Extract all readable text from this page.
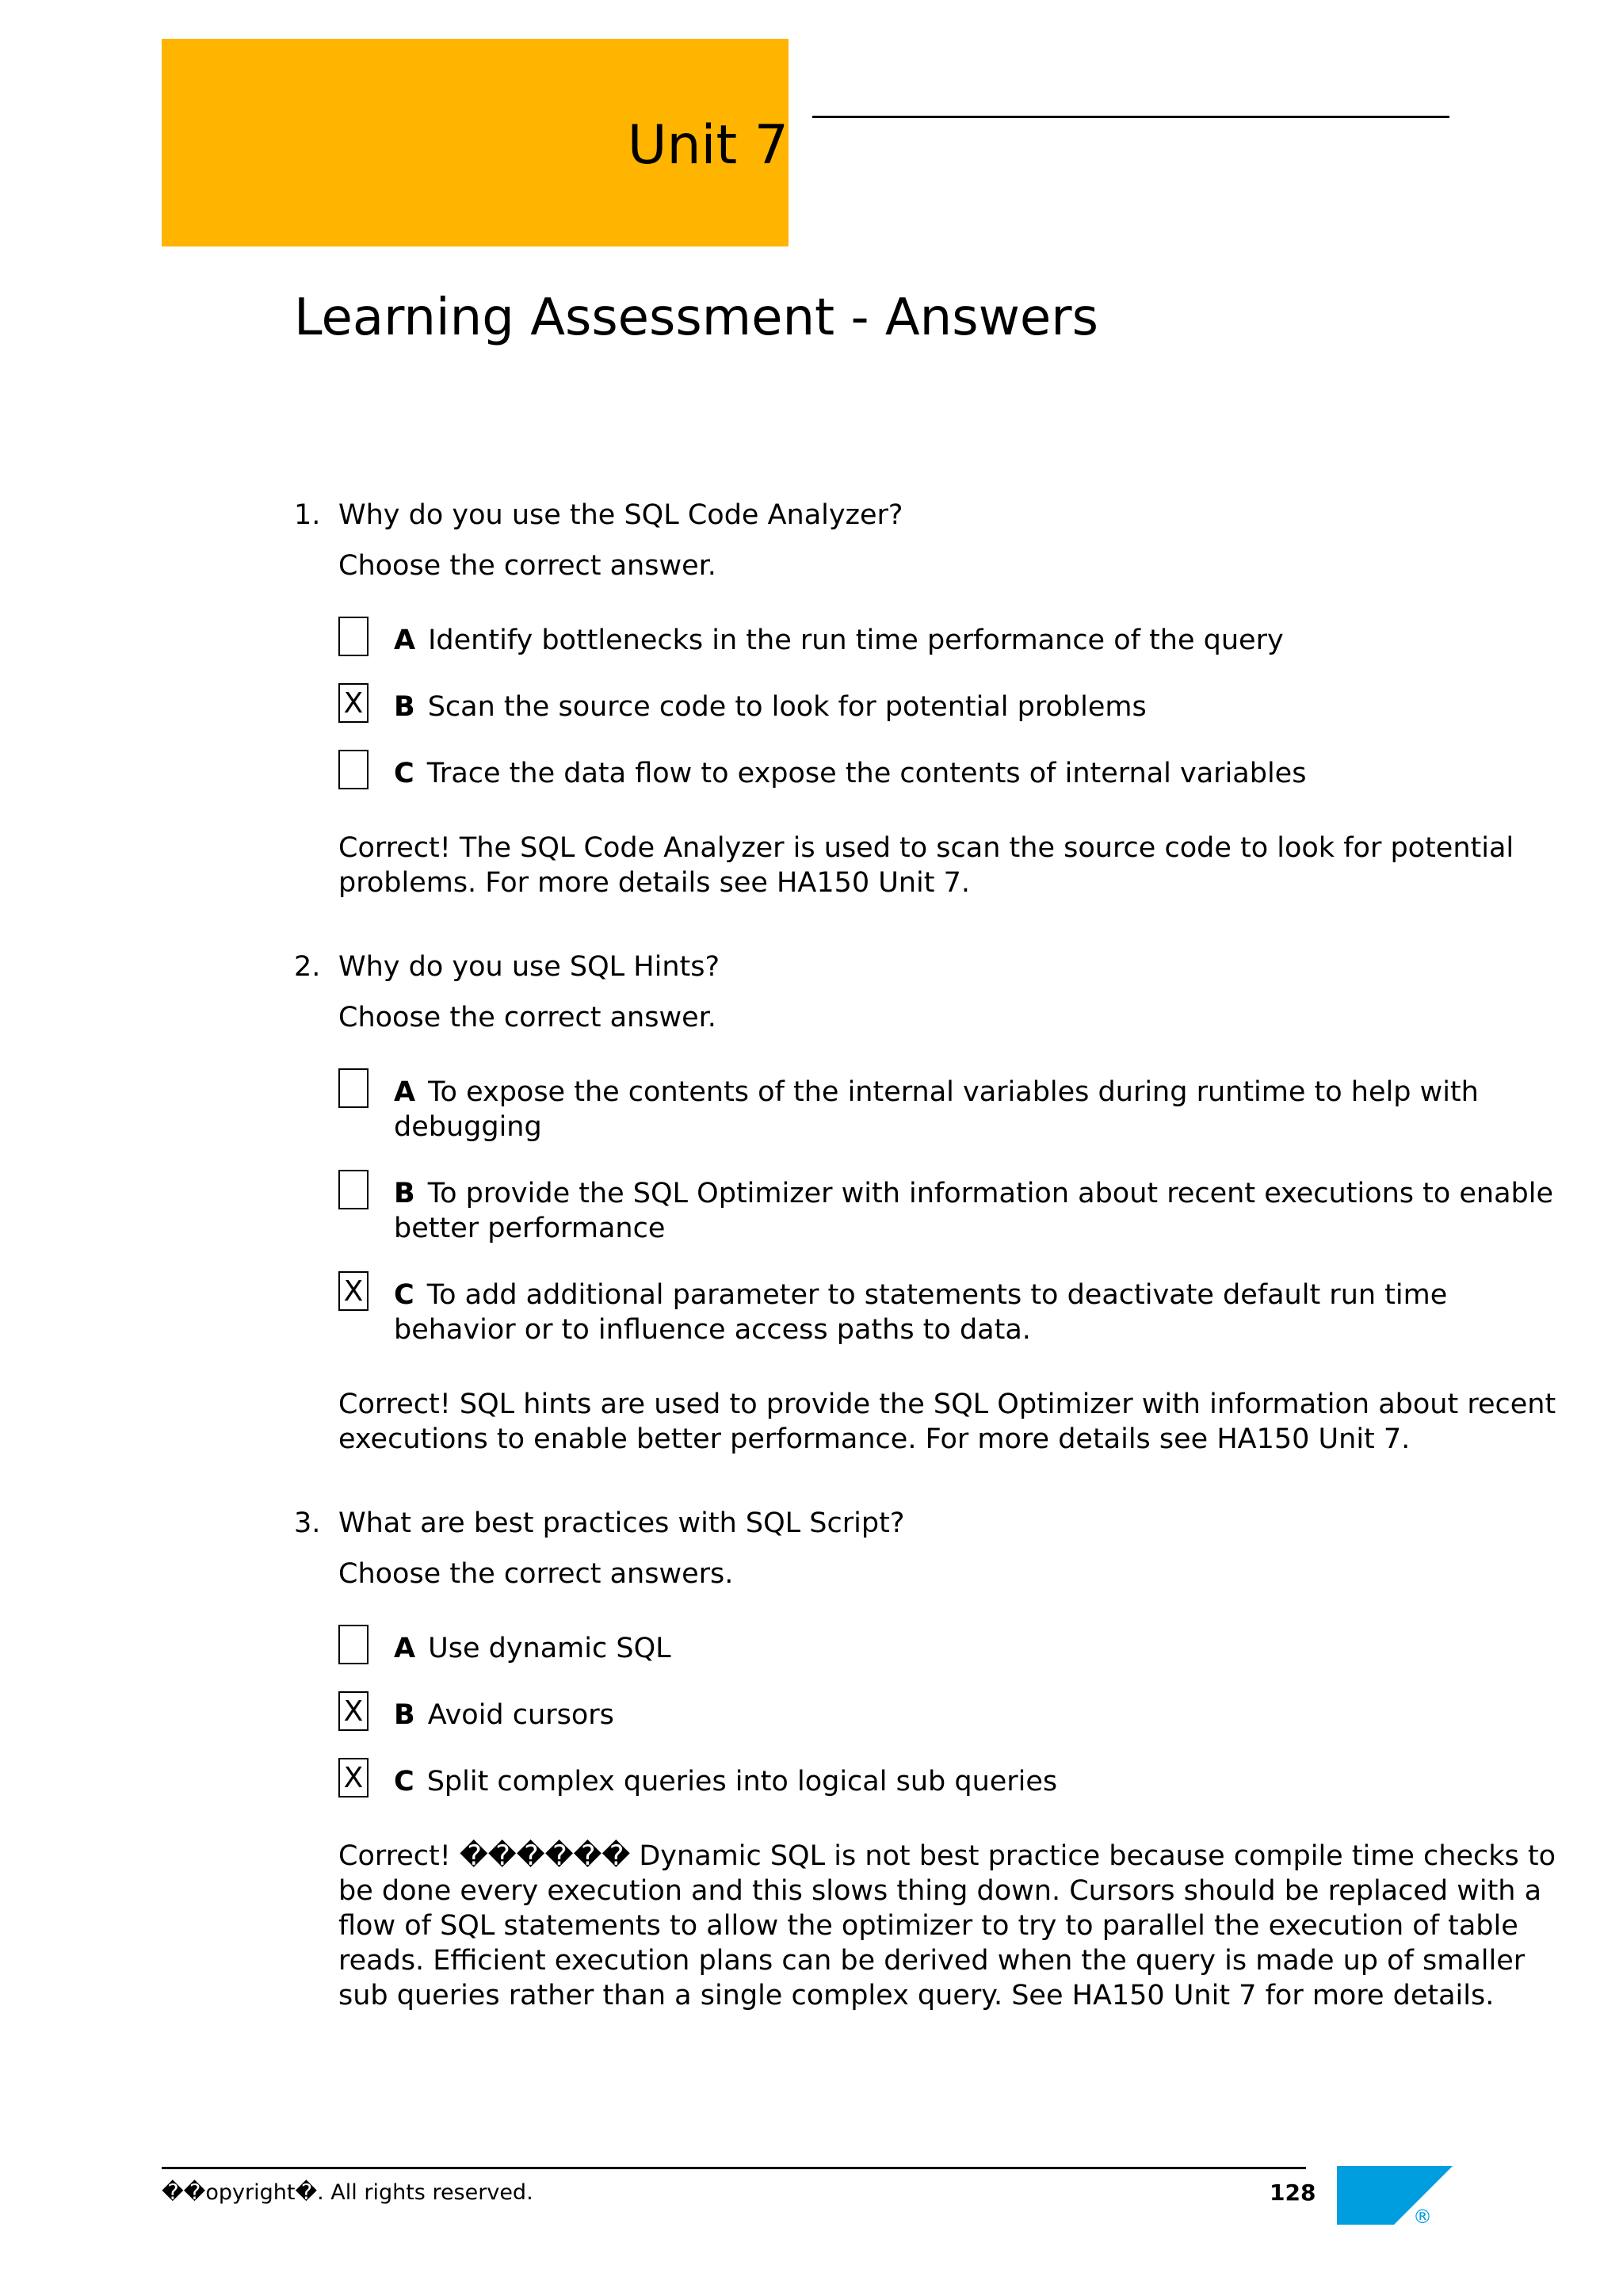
Unit 7
Learning Assessment - Answers
1. Why do you use the SQL Code Analyzer?
Choose the correct answer.
A Identify bottlenecks in the run time performance of the query
X B Scan the source code to look for potential problems
C Trace the data flow to expose the contents of internal variables
Correct! The SQL Code Analyzer is used to scan the source code to look for potential problems. For more details see HA150 Unit 7.
2. Why do you use SQL Hints?
Choose the correct answer.
A To expose the contents of the internal variables during runtime to help with debugging
B To provide the SQL Optimizer with information about recent executions to enable better performance
X C To add additional parameter to statements to deactivate default run time behavior or to influence access paths to data.
Correct! SQL hints are used to provide the SQL Optimizer with information about recent executions to enable better performance. For more details see HA150 Unit 7.
3. What are best practices with SQL Script?
Choose the correct answers.
A Use dynamic SQL
X B Avoid cursors
X C Split complex queries into logical sub queries
Correct! ������ Dynamic SQL is not best practice because compile time checks to be done every execution and this slows thing down. Cursors should be replaced with a flow of SQL statements to allow the optimizer to try to parallel the execution of table reads. Efficient execution plans can be derived when the query is made up of smaller sub queries rather than a single complex query. See HA150 Unit 7 for more details.
��opyright�. All rights reserved.	128
®
